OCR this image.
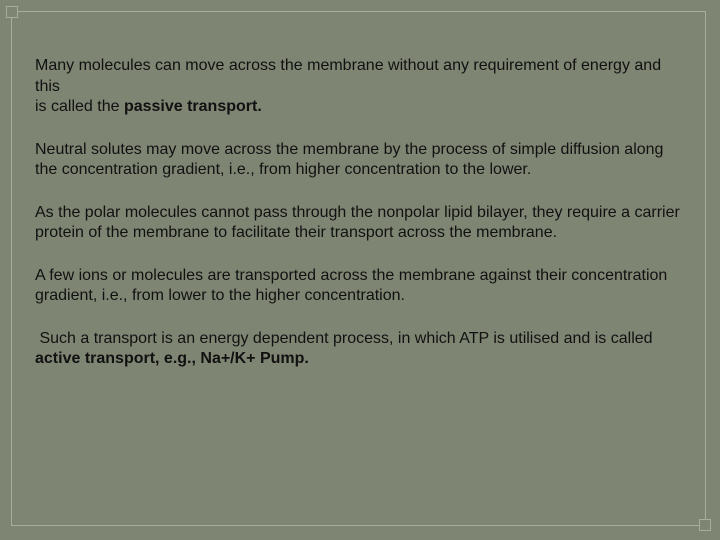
Many molecules can move across the membrane without any requirement of energy and this
is called the passive transport.

Neutral solutes may move across the membrane by the process of simple diffusion along the concentration gradient, i.e., from higher concentration to the lower.

As the polar molecules cannot pass through the nonpolar lipid bilayer, they require a carrier protein of the membrane to facilitate their transport across the membrane.

A few ions or molecules are transported across the membrane against their concentration gradient, i.e., from lower to the higher concentration.

Such a transport is an energy dependent process, in which ATP is utilised and is called active transport, e.g., Na+/K+ Pump.
